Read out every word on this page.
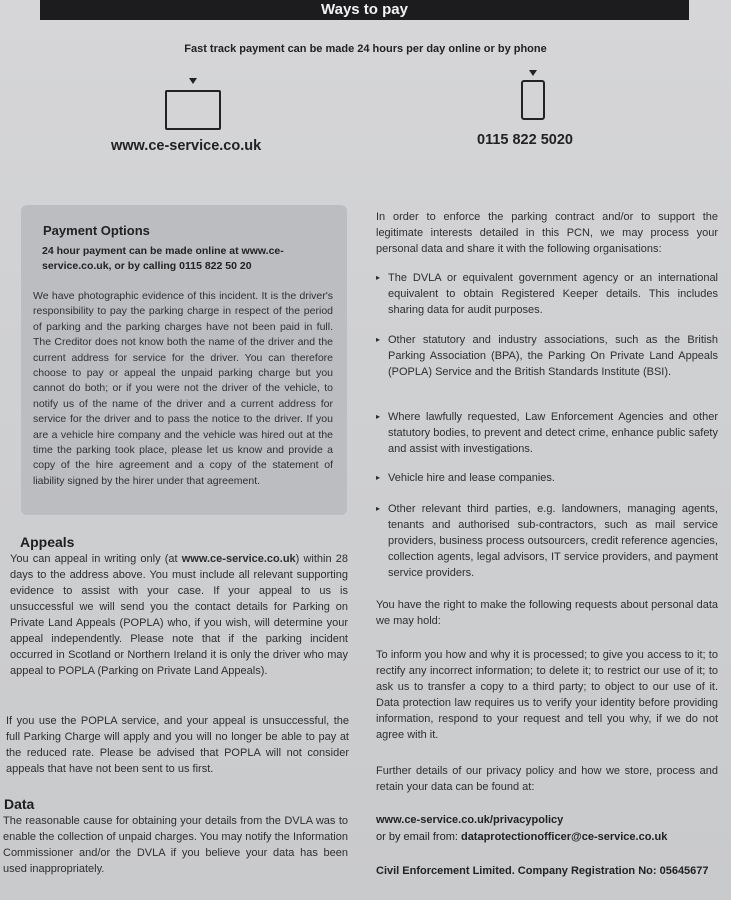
Ways to pay
Fast track payment can be made 24 hours per day online or by phone
www.ce-service.co.uk	0115 822 5020
Payment Options
24 hour payment can be made online at www.ce-service.co.uk, or by calling 0115 822 50 20
We have photographic evidence of this incident. It is the driver's responsibility to pay the parking charge in respect of the period of parking and the parking charges have not been paid in full. The Creditor does not know both the name of the driver and the current address for service for the driver. You can therefore choose to pay or appeal the unpaid parking charge but you cannot do both; or if you were not the driver of the vehicle, to notify us of the name of the driver and a current address for service for the driver and to pass the notice to the driver. If you are a vehicle hire company and the vehicle was hired out at the time the parking took place, please let us know and provide a copy of the hire agreement and a copy of the statement of liability signed by the hirer under that agreement.
Appeals
You can appeal in writing only (at www.ce-service.co.uk) within 28 days to the address above. You must include all relevant supporting evidence to assist with your case. If your appeal to us is unsuccessful we will send you the contact details for Parking on Private Land Appeals (POPLA) who, if you wish, will determine your appeal independently. Please note that if the parking incident occurred in Scotland or Northern Ireland it is only the driver who may appeal to POPLA (Parking on Private Land Appeals).
If you use the POPLA service, and your appeal is unsuccessful, the full Parking Charge will apply and you will no longer be able to pay at the reduced rate. Please be advised that POPLA will not consider appeals that have not been sent to us first.
Data
The reasonable cause for obtaining your details from the DVLA was to enable the collection of unpaid charges. You may notify the Information Commissioner and/or the DVLA if you believe your data has been used inappropriately.
In order to enforce the parking contract and/or to support the legitimate interests detailed in this PCN, we may process your personal data and share it with the following organisations:
▸ The DVLA or equivalent government agency or an international equivalent to obtain Registered Keeper details. This includes sharing data for audit purposes.
▸ Other statutory and industry associations, such as the British Parking Association (BPA), the Parking On Private Land Appeals (POPLA) Service and the British Standards Institute (BSI).
▸ Where lawfully requested, Law Enforcement Agencies and other statutory bodies, to prevent and detect crime, enhance public safety and assist with investigations.
▸ Vehicle hire and lease companies.
▸ Other relevant third parties, e.g. landowners, managing agents, tenants and authorised sub-contractors, such as mail service providers, business process outsourcers, credit reference agencies, collection agents, legal advisors, IT service providers, and payment service providers.
You have the right to make the following requests about personal data we may hold:
To inform you how and why it is processed; to give you access to it; to rectify any incorrect information; to delete it; to restrict our use of it; to ask us to transfer a copy to a third party; to object to our use of it. Data protection law requires us to verify your identity before providing information, respond to your request and tell you why, if we do not agree with it.
Further details of our privacy policy and how we store, process and retain your data can be found at:
www.ce-service.co.uk/privacypolicy
or by email from: dataprotectionofficer@ce-service.co.uk
Civil Enforcement Limited. Company Registration No: 05645677
